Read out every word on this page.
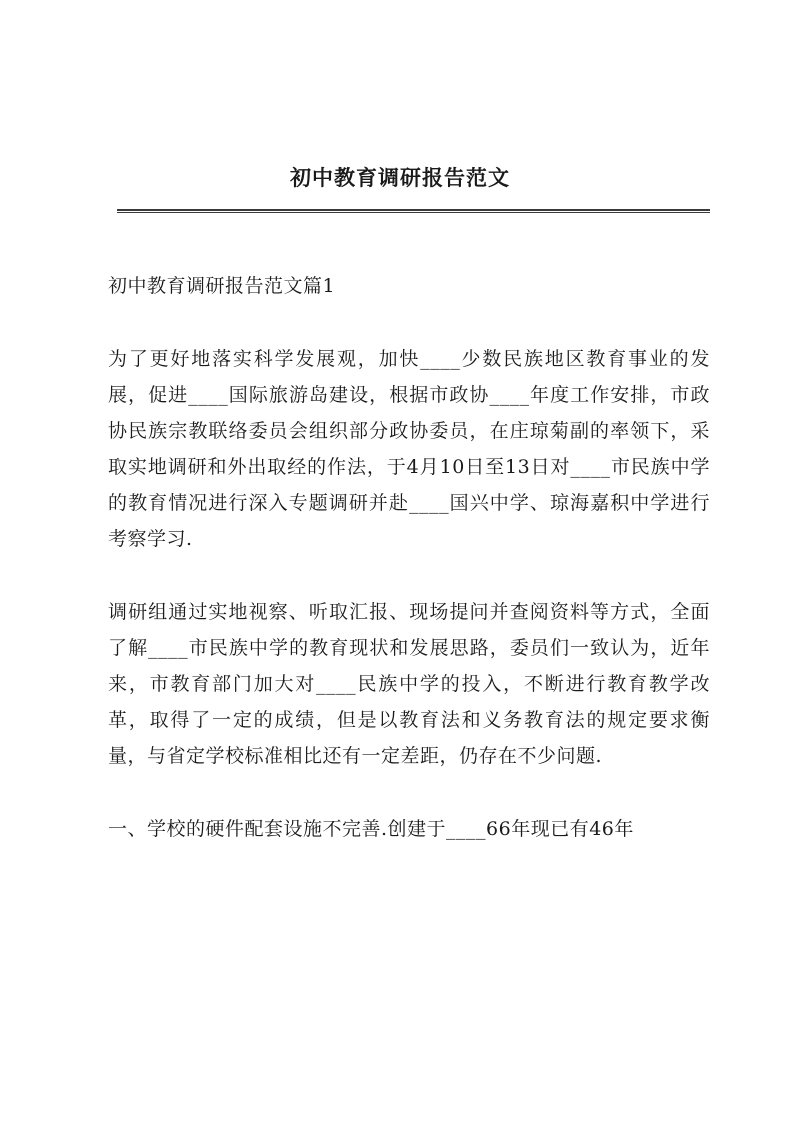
初中教育调研报告范文

初中教育调研报告范文篇1

为了更好地落实科学发展观，加快____少数民族地区教育事业的发展，促进____国际旅游岛建设，根据市政协____年度工作安排，市政协民族宗教联络委员会组织部分政协委员，在庄琼菊副的率领下，采取实地调研和外出取经的作法，于4月10日至13日对____市民族中学的教育情况进行深入专题调研并赴____国兴中学、琼海嘉积中学进行考察学习.

调研组通过实地视察、听取汇报、现场提问并查阅资料等方式，全面了解____市民族中学的教育现状和发展思路，委员们一致认为，近年来，市教育部门加大对____民族中学的投入，不断进行教育教学改革，取得了一定的成绩，但是以教育法和义务教育法的规定要求衡量，与省定学校标准相比还有一定差距，仍存在不少问题.

一、学校的硬件配套设施不完善.创建于____66年现已有46年
